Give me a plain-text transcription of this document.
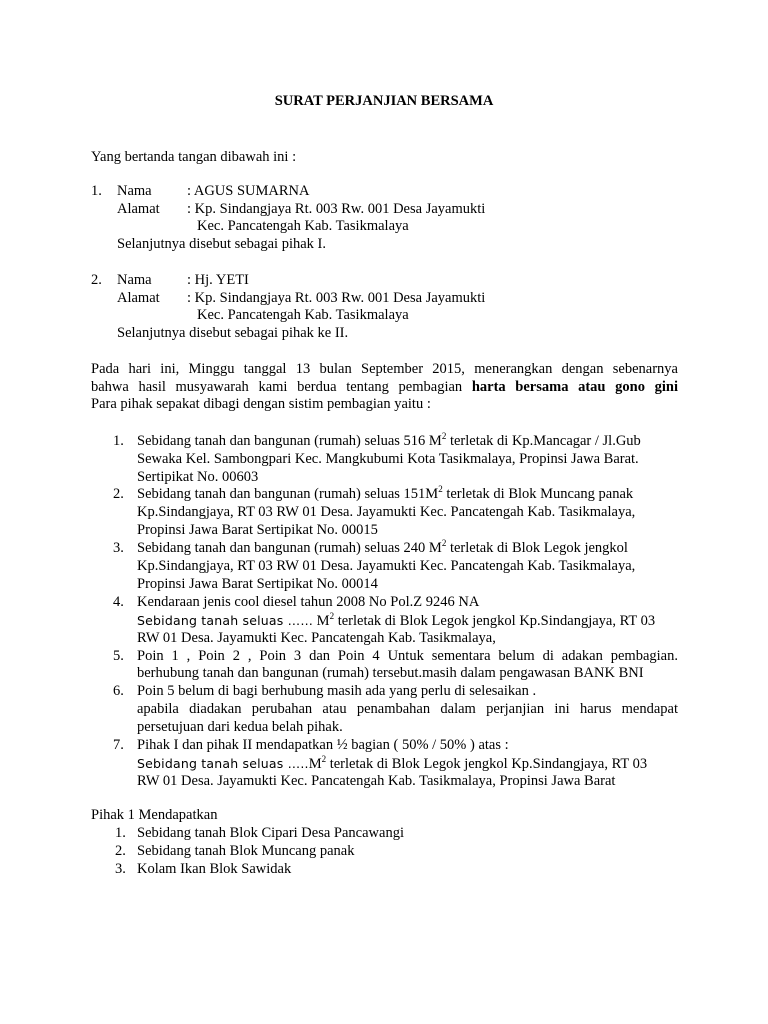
SURAT PERJANJIAN BERSAMA
Yang bertanda tangan dibawah ini :
1. Nama : AGUS SUMARNA
Alamat : Kp. Sindangjaya Rt. 003 Rw. 001 Desa Jayamukti
Kec. Pancatengah Kab. Tasikmalaya
Selanjutnya disebut sebagai pihak I.
2. Nama : Hj. YETI
Alamat : Kp. Sindangjaya Rt. 003 Rw. 001 Desa Jayamukti
Kec. Pancatengah Kab. Tasikmalaya
Selanjutnya disebut sebagai pihak ke II.
Pada hari ini, Minggu tanggal 13 bulan September 2015, menerangkan dengan sebenarnya
bahwa hasil musyawarah kami berdua tentang pembagian harta bersama atau gono gini
Para pihak sepakat dibagi dengan sistim pembagian yaitu :
1. Sebidang tanah dan bangunan (rumah) seluas 516 $M^2$ terletak di Kp.Mancagar / Jl.Gub
Sewaka Kel. Sambongpari Kec. Mangkubumi Kota Tasikmalaya, Propinsi Jawa Barat.
Sertipikat No. 00603
2. Sebidang tanah dan bangunan (rumah) seluas $151M^2$ terletak di Blok Muncang panak
Kp.Sindangjaya, RT 03 RW 01 Desa. Jayamukti Kec. Pancatengah Kab. Tasikmalaya,
Propinsi Jawa Barat Sertipikat No. 00015
3. Sebidang tanah dan bangunan (rumah) seluas 240 $M^2$ terletak di Blok Legok jengkol
Kp.Sindangjaya, RT 03 RW 01 Desa. Jayamukti Kec. Pancatengah Kab. Tasikmalaya,
Propinsi Jawa Barat Sertipikat No. 00014
4. Kendaraan jenis cool diesel tahun 2008 No Pol.Z 9246 NA
Sebidang tanah seluas …… $M^2$ terletak di Blok Legok jengkol Kp.Sindangjaya, RT 03
RW 01 Desa. Jayamukti Kec. Pancatengah Kab. Tasikmalaya,
5. Poin 1 , Poin 2 , Poin 3 dan Poin 4 Untuk sementara belum di adakan pembagian.
berhubung tanah dan bangunan (rumah) tersebut.masih dalam pengawasan BANK BNI
6. Poin 5 belum di bagi berhubung masih ada yang perlu di selesaikan .
apabila diadakan perubahan atau penambahan dalam perjanjian ini harus mendapat
persetujuan dari kedua belah pihak.
7. Pihak I dan pihak II mendapatkan ½ bagian ( 50% / 50% ) atas :
Sebidang tanah seluas $\dots..M^2$ terletak di Blok Legok jengkol Kp.Sindangjaya, RT 03
RW 01 Desa. Jayamukti Kec. Pancatengah Kab. Tasikmalaya, Propinsi Jawa Barat
Pihak 1 Mendapatkan
1. Sebidang tanah Blok Cipari Desa Pancawangi
2. Sebidang tanah Blok Muncang panak
3. Kolam Ikan Blok Sawidak
